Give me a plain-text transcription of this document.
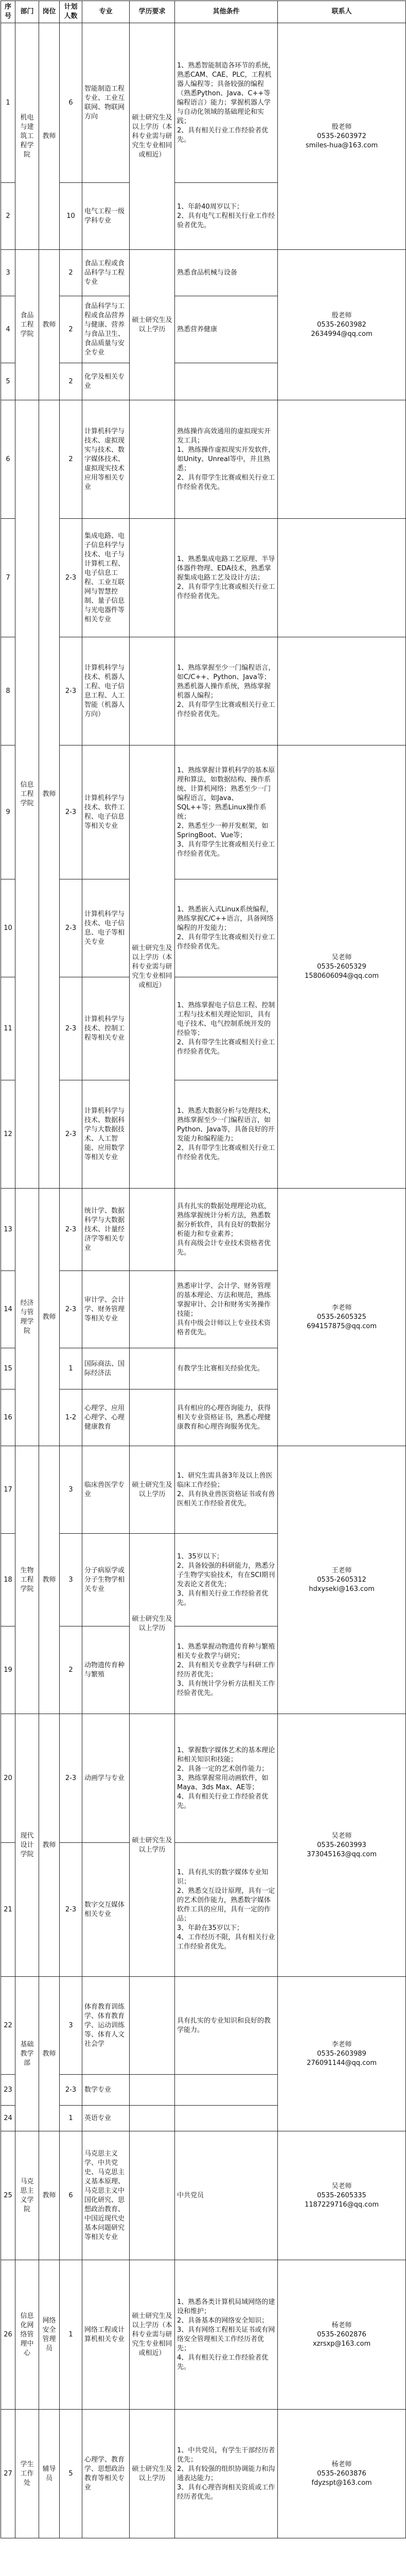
序号	部门	岗位	计划人数	专业	学历要求	其他条件	联系人
1	机电与建筑工程学院	教师	6	智能制造工程专业、工业互联网、物联网方向	硕士研究生及以上学历（本科专业需与研究生专业相同或相近）	1、熟悉智能制造各环节的系统，熟悉CAM、CAE、PLC，工程机器人编程等；具备较强的编程（熟悉Python、Java、C++等编程语言）能力；掌握机器人学与自动化领域的基础理论和实践；
2、具有相关行业工作经验者优先。	殷老师
0535-2603972
smiles-hua@163.com
2			10	电气工程一级学科专业		1、年龄40周岁以下；
2、具有电气工程相关行业工作经验者优先。	
3	食品工程学院	教师	2	食品工程或食品科学与工程专业	硕士研究生及以上学历	熟悉食品机械与设备	殷老师
0535-2603982
2634994@qq.com
4			2	食品科学与工程或食品营养与健康、营养与食品卫生、食品质量与安全专业		熟悉营养健康	
5			2	化学及相关专业			
6	信息工程学院	教师	2	计算机科学与技术、虚拟现实与技术、数字媒体技术、虚拟现实技术应用等相关专业		熟练操作高效通用的虚拟现实开发工具；
1、熟练操作虚拟现实开发软件，如Unity、Unreal等中，并且熟悉；
2、具有带学生比赛或相关行业工作经验者优先。	
7			2-3	集成电路、电子信息科学与技术、电子与计算机工程、电子信息工程、工业互联网与智慧控制、量子信息与光电器件等相关专业		1、熟悉集成电路工艺原理、半导体器件物理、EDA技术，熟悉掌握集成电路工艺及设计方法；
2、具有带学生比赛或相关行业工作经验者优先。	
8			2-3	计算机科学与技术、机器人工程、电子信息工程、人工智能（机器人方向）		1、熟练掌握至少一门编程语言，如C/C++、Python、Java等；熟悉机器人操作系统，熟练掌握机器人编程；
2、具有带学生比赛或相关行业工作经验者优先。	
9			2-3	计算机科学与技术、软件工程、电子信息等相关专业	硕士研究生及以上学历（本科专业需与研究生专业相同或相近）	1、熟练掌握计算机科学的基本原理和算法，如数据结构、操作系统、计算机网络；熟悉至少一门编程语言，如Java、SQL++等；熟悉Linux操作系统；
2、熟悉至少一种开发框架，如SpringBoot、Vue等；
3、具有带学生比赛或相关行业工作经验者优先。	吴老师
0535-2605329
1580606094@qq.com
10			2-3	计算机科学与技术、电子信息、电子等相关专业		1、熟悉嵌入式Linux系统编程，熟练掌握C/C++语言，具备网络编程的开发能力；
2、具有带学生比赛或相关行业工作经验者优先。	
11			2-3	计算机科学与技术、控制工程等相关专业		1、熟练掌握电子信息工程、控制工程与技术相关理论知识，具有电子技术、电气控制系统开发的经验等；
2、具有带学生比赛或相关行业工作经验者优先。	
12			2-3	计算机科学与技术、数据科学与大数据技术、人工智能、应用数学等相关专业		1、熟悉大数据分析与处理技术，熟练掌握至少一门编程语言，如Python、Java等，具备良好的开发能力和编程能力；
2、具有带学生比赛或相关行业工作经验者优先。	
13	经济与管理学院	教师	2-3	统计学、数据科学与大数据技术、计量经济学等相关专业		具有扎实的数据处理理论功底，熟练掌握统计分析方法，熟悉数据分析软件，具有良好的数据分析能力和专业素养；
具有高级会计专业技术资格者优先。	李老师
0535-2605325
694157875@qq.com
14			2-3	审计学、会计学、财务管理等相关专业		熟悉审计学、会计学、财务管理的基本理论、方法和规范，熟练掌握审计、会计和财务实务操作技能；
具有中级会计师以上专业技术资格者优先。	
15			1	国际商法、国际经济法		有教学生比赛相关经验优先。	
16			1-2	心理学、应用心理学、心理健康教育		具有相应的心理咨询能力，获得相关专业资格证书，熟悉心理健康教育和心理咨询服务优先。	
17	生物工程学院	教师	3	临床兽医学专业	硕士研究生及以上学历	1、研究生需具备3年及以上兽医临床工作经验；
2、具有执业兽医资格证书或有兽医相关工作经验者优先。	王老师
0535-2605312
hdxyseki@163.com
18			3	分子病原学或分子生物学相关专业	硕士研究生及以上学历	1、35岁以下；
2、具备较强的科研能力，熟悉分子生物学实验技术，有在SCI期刊发表论文者优先；
3、具有相关行业工作经验者优先。	
19			2	动物遗传育种与繁殖		1、熟悉掌握动物遗传育种与繁殖相关专业教学与研究；
2、具有相关专业教学与科研工作经历者优先；
3、具有统计学分析方法相关工作经验者优先。	
20	现代设计学院	教师	2-3	动画学与专业	硕士研究生及以上学历	1、掌握数字媒体艺术的基本理论和相关知识和技能；
2、具备一定的艺术创作能力；
3、熟练掌握常用动画软件，如Maya、3ds Max、AE等；
4、具有相关行业工作经验者优先。	吴老师
0535-2603993
373045163@qq.com
21			2-3	数字交互媒体相关专业		1、具有扎实的数字媒体专业知识；
2、熟悉交互设计原理，具有一定的艺术创作能力，熟悉数字媒体软件工具的应用，具有一定的作品；
3、年龄在35岁以下；
4、工作经历不限，具有相关行业工作经验者优先。	
22	基础教学部	教师	3	体育教育训练学、体育教育学、运动训练等、体育人文社会学		具有扎实的专业知识和良好的教学能力。	李老师
0535-2603989
276091144@qq.com
23			2-3	数学专业			
24			1	英语专业			
25	马克思主义学院	教师	6	马克思主义学、中共党史、马克思主义基本原理、马克思主义中国化研究、思想政治教育、中国近现代史基本问题研究等相关专业		中共党员	吴老师
0535-2605335
1187229716@qq.com
26	信息化网络管理中心	网络安全管理员	1	网络工程或计算机相关专业	硕士研究生及以上学历（本科专业需与研究生专业相同或相近）	1、熟悉各类计算机局域网络的建设和维护；
2、具备基本的网络安全知识；
3、具有网络工程相关证书或有网络安全管理相关工作经历者优先；
4、具有相关行业工作经验者优先。	杨老师
0535-2602876
xzrsxp@163.com
27	学生工作处	辅导员	5	心理学、教育学、思想政治教育等相关专业	硕士研究生及以上学历	1、中共党员，有学生干部经历者优先；
2、具有较强的组织协调能力和沟通表达能力；
3、具有心理咨询相关资质或工作经历者优先。	杨老师
0535-2603876
fdyzspt@163.com
